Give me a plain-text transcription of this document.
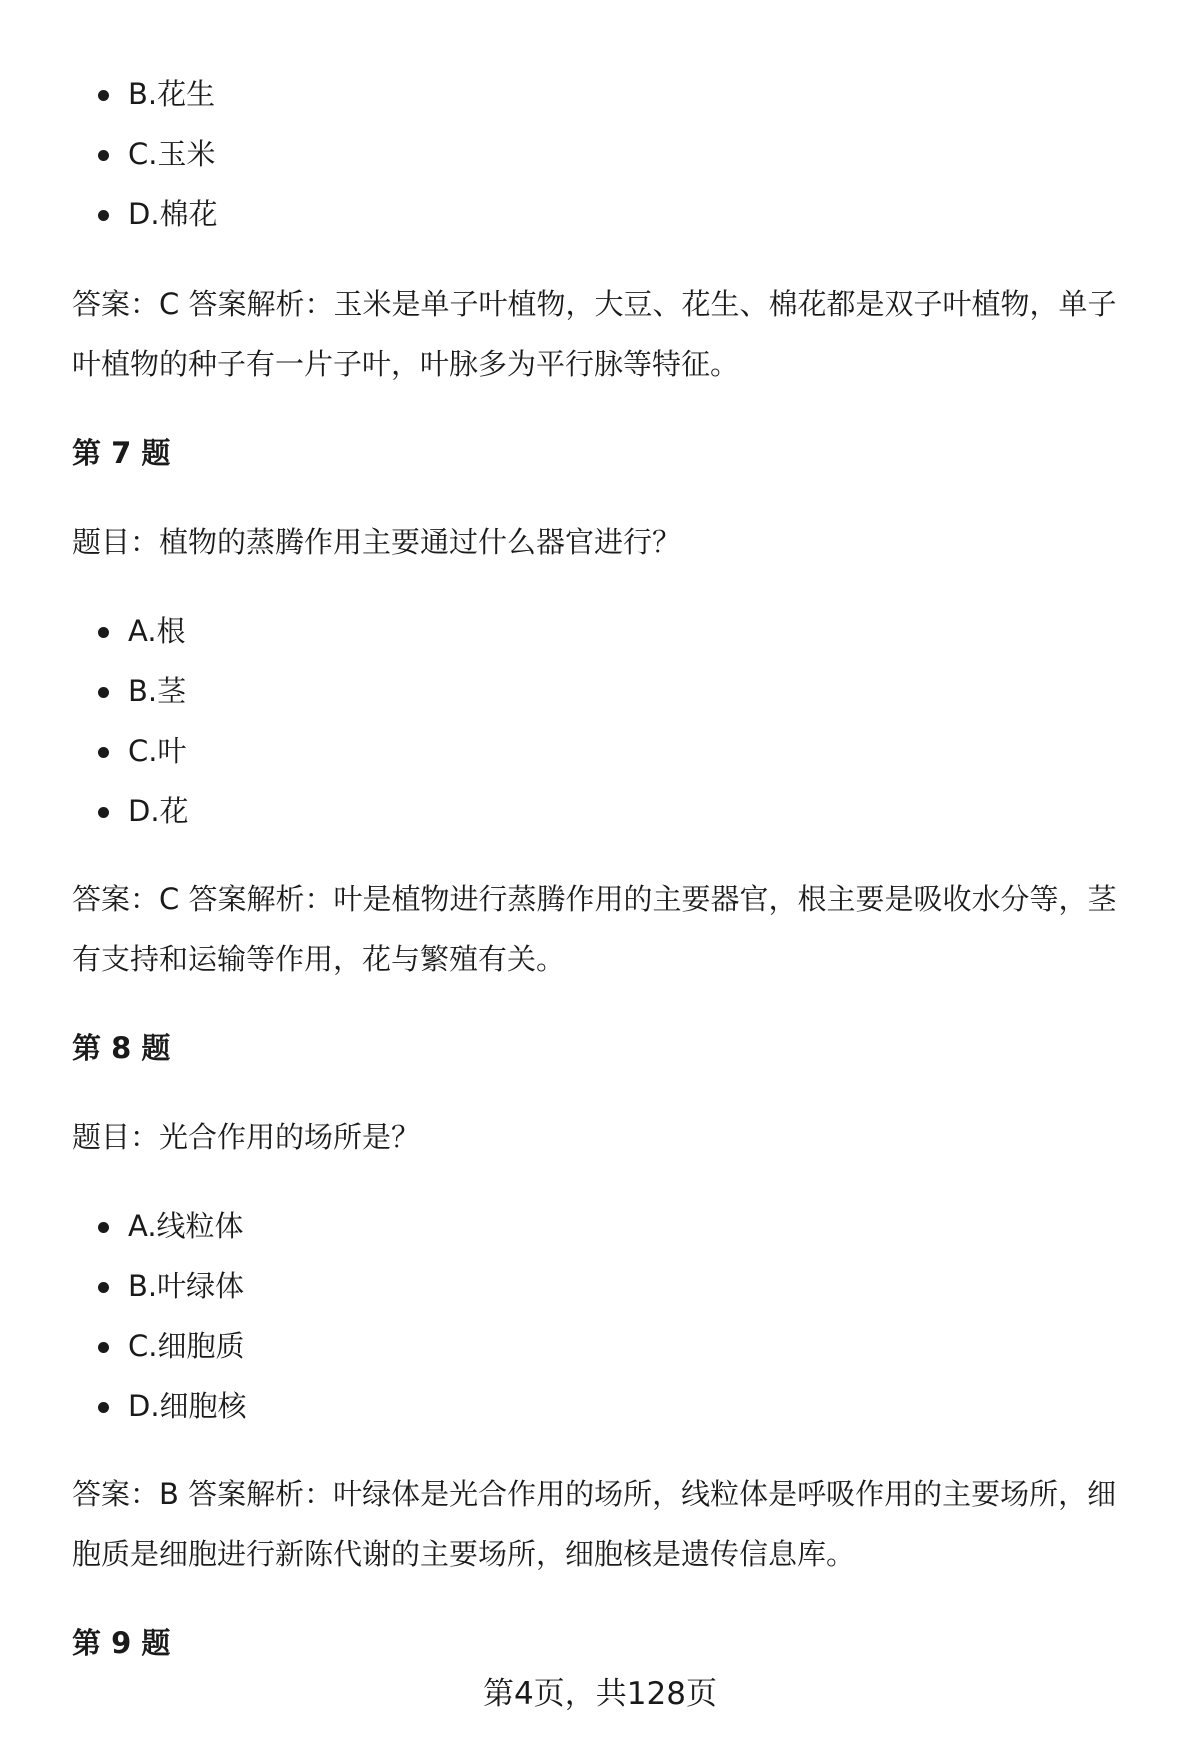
B.花生
C.玉米
D.棉花

答案：C 答案解析：玉米是单子叶植物，大豆、花生、棉花都是双子叶植物，单子叶植物的种子有一片子叶，叶脉多为平行脉等特征。

第 7 题

题目：植物的蒸腾作用主要通过什么器官进行？

A.根
B.茎
C.叶
D.花

答案：C 答案解析：叶是植物进行蒸腾作用的主要器官，根主要是吸收水分等，茎有支持和运输等作用，花与繁殖有关。

第 8 题

题目：光合作用的场所是？

A.线粒体
B.叶绿体
C.细胞质
D.细胞核

答案：B 答案解析：叶绿体是光合作用的场所，线粒体是呼吸作用的主要场所，细胞质是细胞进行新陈代谢的主要场所，细胞核是遗传信息库。

第 9 题

第4页，共128页
